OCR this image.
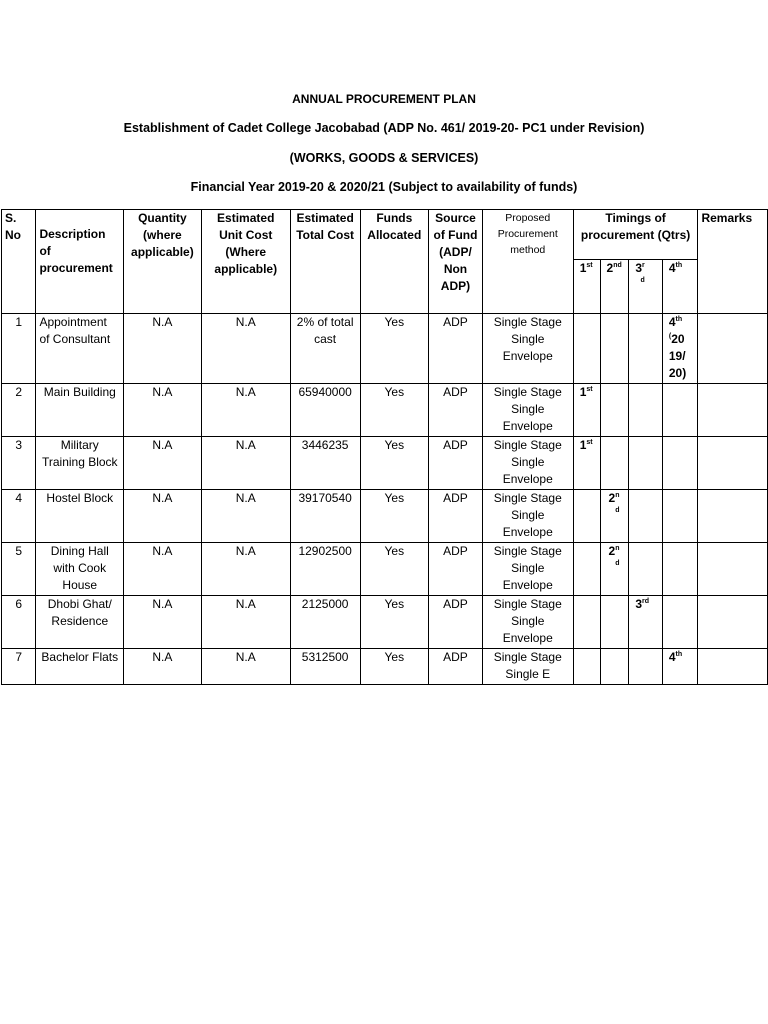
ANNUAL PROCUREMENT PLAN
Establishment of Cadet College Jacobabad (ADP No. 461/ 2019-20- PC1 under Revision)
(WORKS, GOODS & SERVICES)
Financial Year 2019-20 & 2020/21 (Subject to availability of funds)
S.
No	Description of procurement	Quantity (where applicable)	Estimated Unit Cost (Where applicable)	Estimated Total Cost	Funds Allocated	Source of Fund (ADP/ Non ADP)	Proposed Procurement method	Timings of procurement (Qtrs)				Remarks
								1st	2nd	3$^r$
d	4th
1	Appointment of Consultant	N.A	N.A	2% of total cast	Yes	ADP	Single Stage Single Envelope				4th
(20
19/
20)	
2	Main Building	N.A	N.A	65940000	Yes	ADP	Single Stage Single Envelope	1st				
3	Military Training Block	N.A	N.A	3446235	Yes	ADP	Single Stage Single Envelope	1st				
4	Hostel Block	N.A	N.A	39170540	Yes	ADP	Single Stage Single Envelope		2$^n$
d			

5	Dining Hall with Cook House	N.A	N.A	12902500	Yes	ADP	Single Stage Single Envelope		2$^n$
d			

6	Dhobi Ghat/ Residence	N.A	N.A	2125000	Yes	ADP	Single Stage Single Envelope			3rd		
7	Bachelor Flats	N.A	N.A	5312500	Yes	ADP	Single Stage Single E				4th	
